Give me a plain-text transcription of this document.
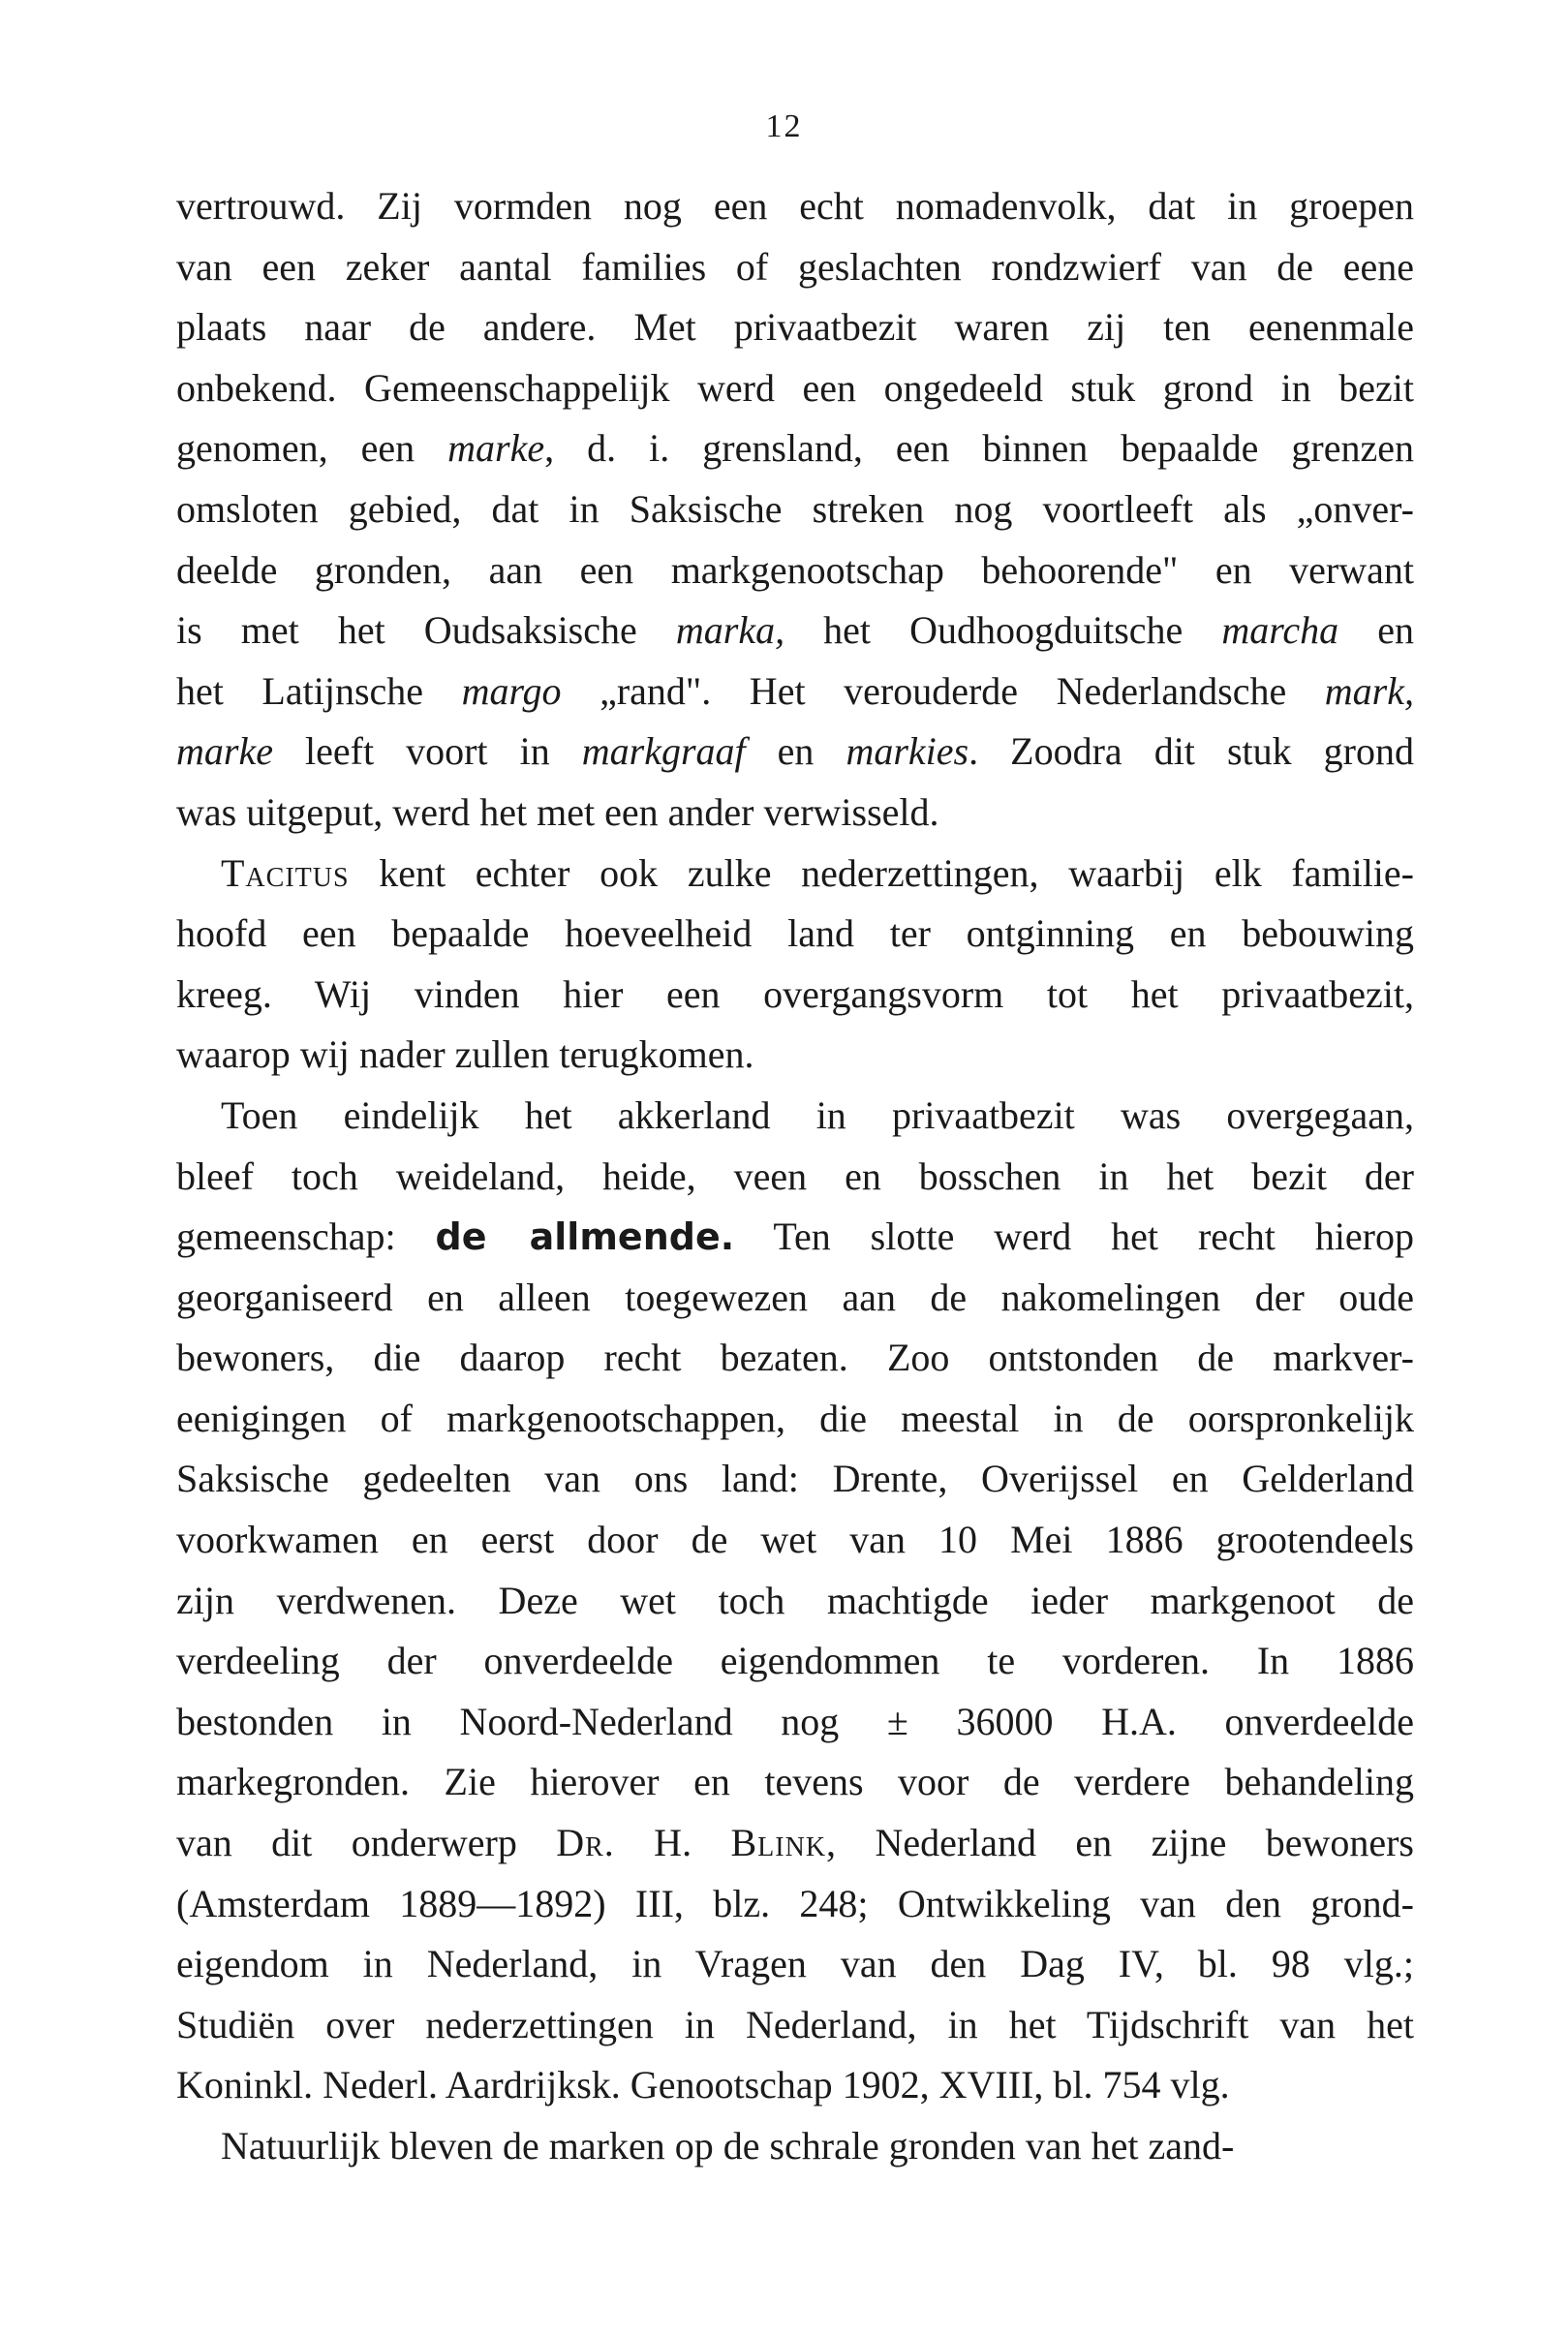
12
vertrouwd. Zij vormden nog een echt nomadenvolk, dat in groepen
van een zeker aantal families of geslachten rondzwierf van de eene
plaats naar de andere. Met privaatbezit waren zij ten eenenmale
onbekend. Gemeenschappelijk werd een ongedeeld stuk grond in bezit
genomen, een marke, d. i. grensland, een binnen bepaalde grenzen
omsloten gebied, dat in Saksische streken nog voortleeft als „onver-
deelde gronden, aan een markgenootschap behoorende" en verwant
is met het Oudsaksische marka, het Oudhoogduitsche marcha en
het Latijnsche margo „rand". Het verouderde Nederlandsche mark,
marke leeft voort in markgraaf en markies. Zoodra dit stuk grond
was uitgeput, werd het met een ander verwisseld.
Tacitus kent echter ook zulke nederzettingen, waarbij elk familie-
hoofd een bepaalde hoeveelheid land ter ontginning en bebouwing
kreeg. Wij vinden hier een overgangsvorm tot het privaatbezit,
waarop wij nader zullen terugkomen.
Toen eindelijk het akkerland in privaatbezit was overgegaan,
bleef toch weideland, heide, veen en bosschen in het bezit der
gemeenschap: de allmende. Ten slotte werd het recht hierop
georganiseerd en alleen toegewezen aan de nakomelingen der oude
bewoners, die daarop recht bezaten. Zoo ontstonden de markver-
eenigingen of markgenootschappen, die meestal in de oorspronkelijk
Saksische gedeelten van ons land: Drente, Overijssel en Gelderland
voorkwamen en eerst door de wet van 10 Mei 1886 grootendeels
zijn verdwenen. Deze wet toch machtigde ieder markgenoot de
verdeeling der onverdeelde eigendommen te vorderen. In 1886
bestonden in Noord-Nederland nog ± 36000 H.A. onverdeelde
markegronden. Zie hierover en tevens voor de verdere behandeling
van dit onderwerp Dr. H. Blink, Nederland en zijne bewoners
(Amsterdam 1889—1892) III, blz. 248; Ontwikkeling van den grond-
eigendom in Nederland, in Vragen van den Dag IV, bl. 98 vlg.;
Studiën over nederzettingen in Nederland, in het Tijdschrift van het
Koninkl. Nederl. Aardrijksk. Genootschap 1902, XVIII, bl. 754 vlg.
Natuurlijk bleven de marken op de schrale gronden van het zand-
